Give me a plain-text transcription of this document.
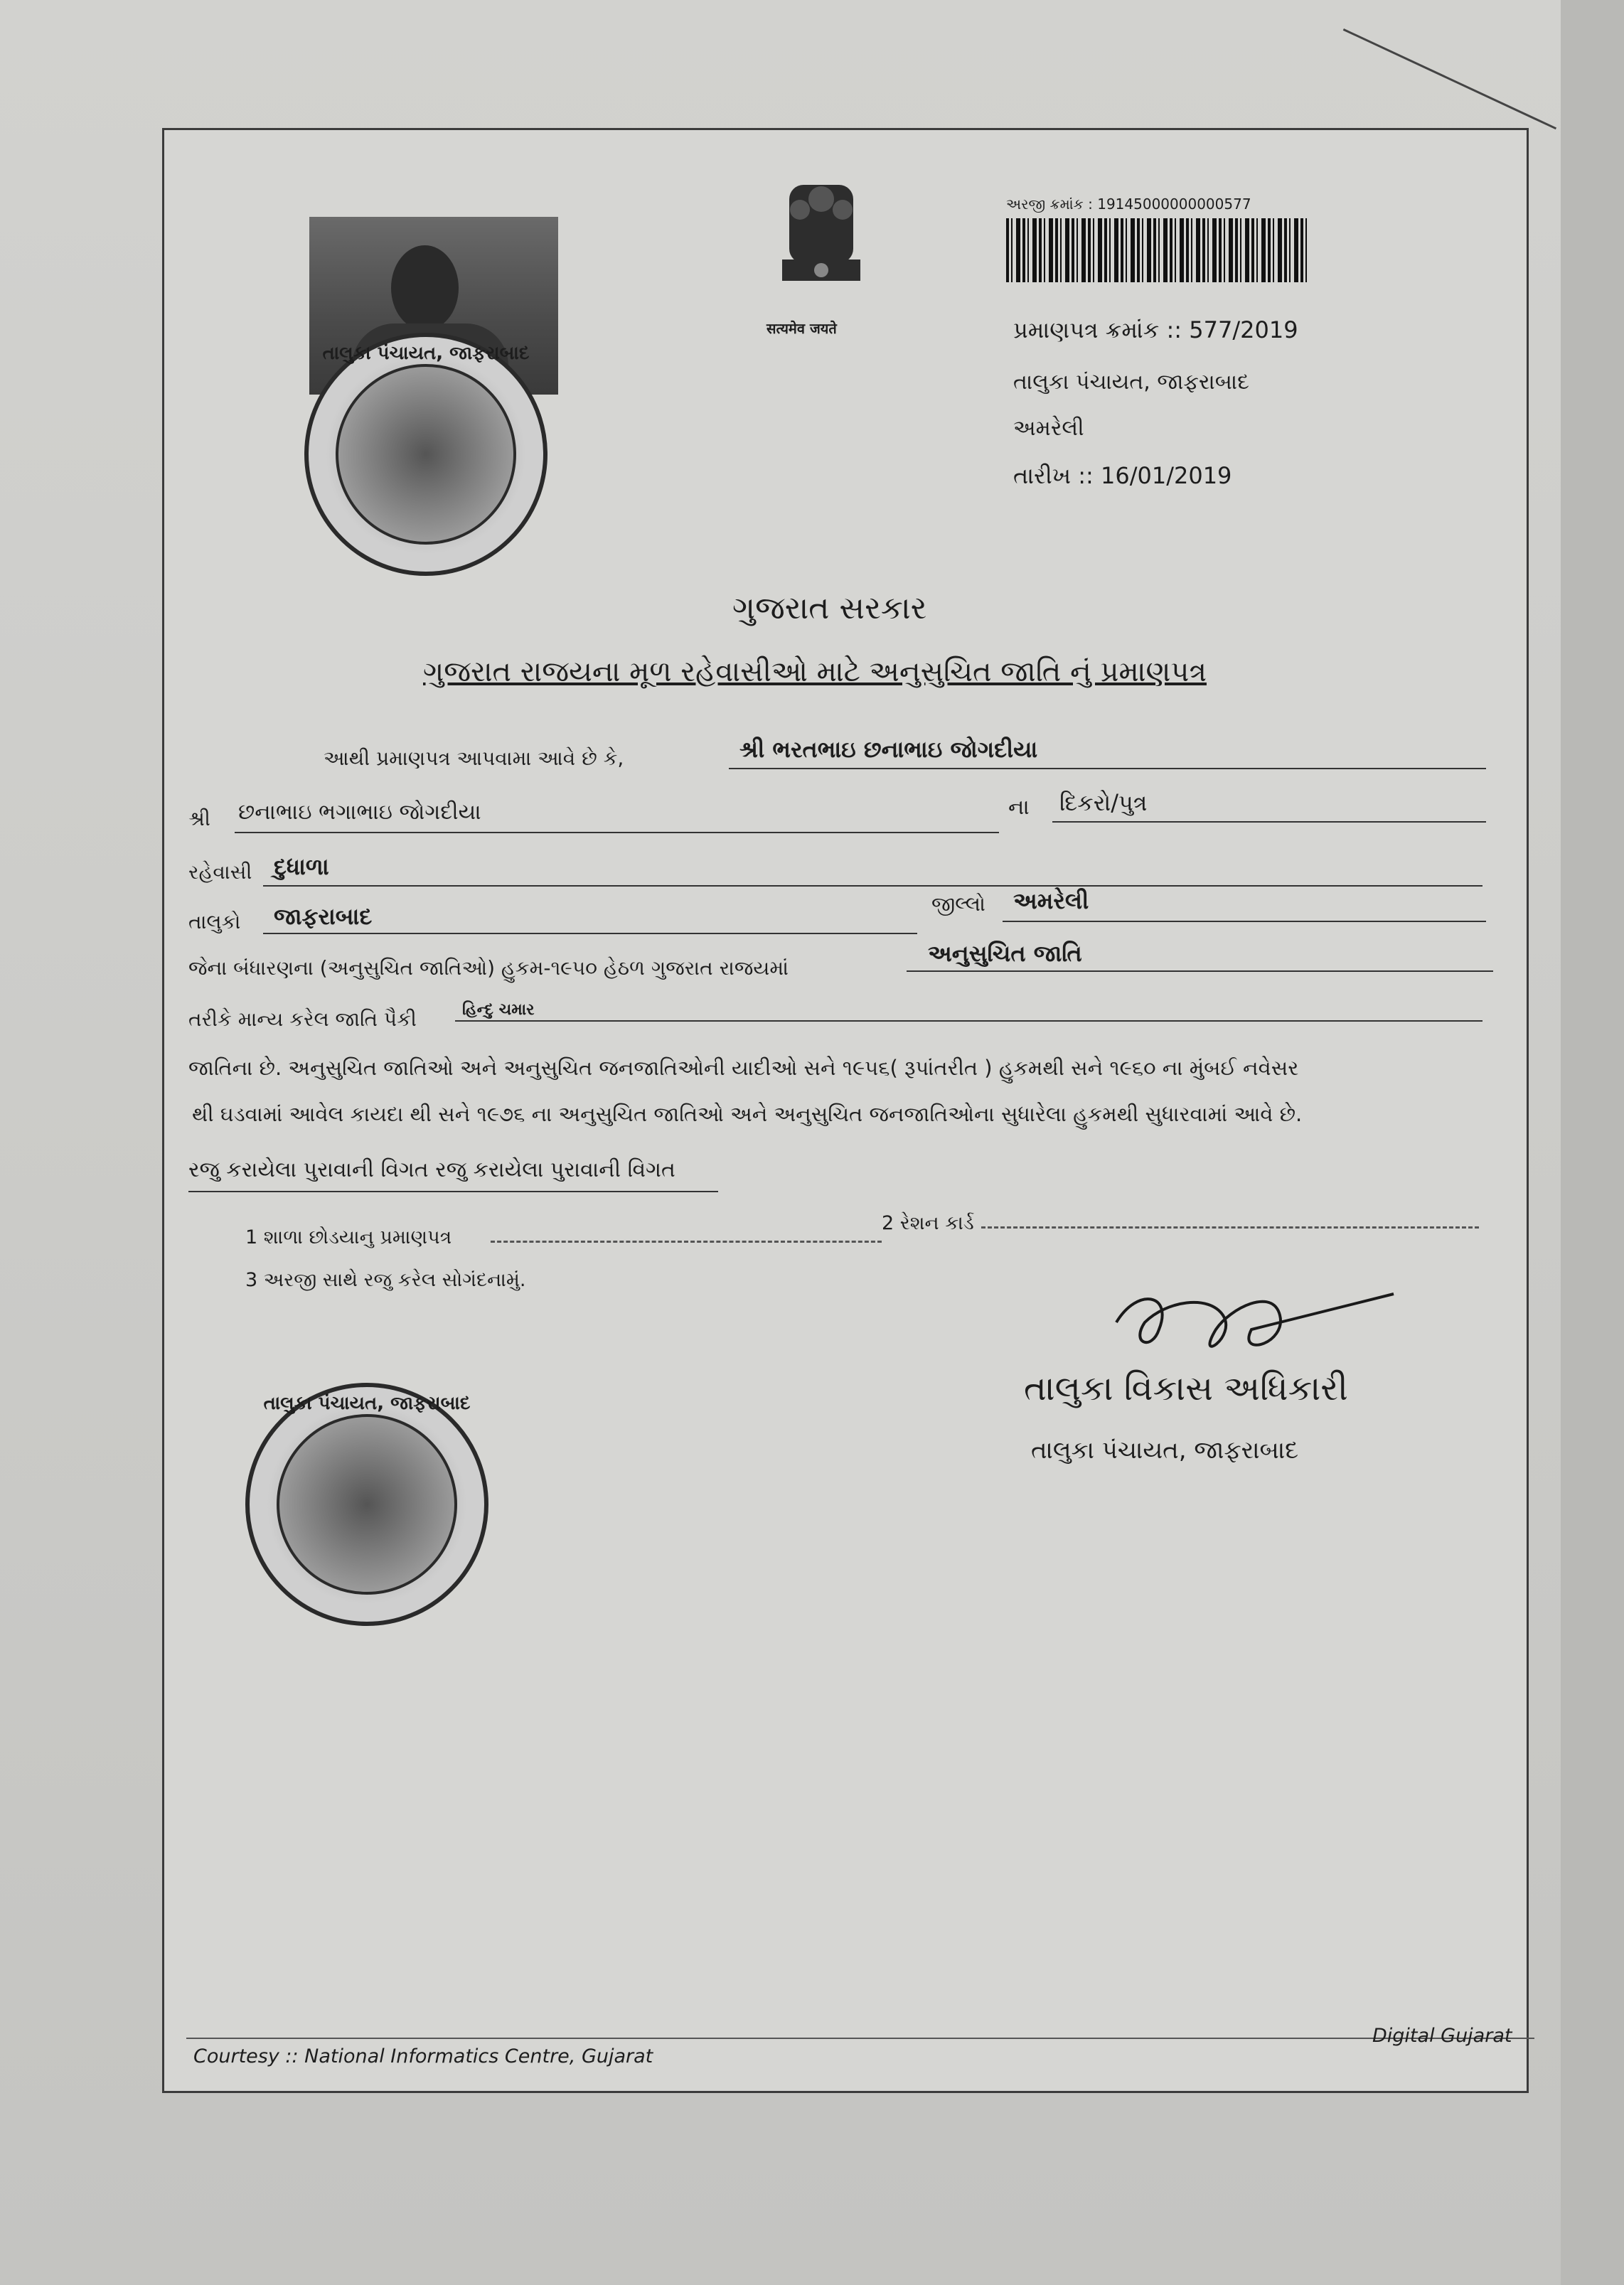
તાલુકા પંચાયત, જાફરાબાદ
सत्यमेव जयते
અરજી ક્રમાંક : 19145000000000577
પ્રમાણપત્ર ક્રમાંક :: 577/2019
તાલુકા પંચાયત, જાફરાબાદ
અમરેલી
તારીખ :: 16/01/2019
ગુજરાત સરકાર
ગુજરાત રાજયના મૂળ રહેવાસીઓ માટે અનુસુચિત જાતિ નું પ્રમાણપત્ર
આથી પ્રમાણપત્ર આપવામા આવે છે કે,	શ્રી ભરતભાઇ છનાભાઇ જોગદીયા
શ્રી છનાભાઇ ભગાભાઇ જોગદીયા	ના દિકરો/પુત્ર
રહેવાસી દુધાળા
તાલુકો જાફરાબાદ	જીલ્લો અમરેલી
જેના બંધારણના (અનુસુચિત જાતિઓ) હુકમ-૧૯૫૦ હેઠળ ગુજરાત રાજયમાં
અનુસુચિત જાતિ
તરીકે માન્ય કરેલ જાતિ પૈકી	હિન્દુ ચમાર
જાતિના છે. અનુસુચિત જાતિઓ અને અનુસુચિત જનજાતિઓની યાદીઓ સને ૧૯૫૬( રૂપાંતરીત ) હુકમથી સને ૧૯૬૦ ના મુંબઈ નવેસર
થી ઘડવામાં આવેલ કાયદા થી સને ૧૯૭૬ ના અનુસુચિત જાતિઓ અને અનુસુચિત જનજાતિઓના સુધારેલા હુકમથી સુધારવામાં આવે છે.
રજુ કરાયેલા પુરાવાની વિગત રજુ કરાયેલા પુરાવાની વિગત
1 શાળા છોડયાનુ પ્રમાણપત્ર
2 રેશન કાર્ડ
3 અરજી સાથે રજુ કરેલ સોગંદનામું.
તાલુકા વિકાસ અધિકારી
તાલુકા પંચાયત, જાફરાબાદ
તાલુકા પંચાયત, જાફરાબાદ
Courtesy :: National Informatics Centre, Gujarat
Digital Gujarat
